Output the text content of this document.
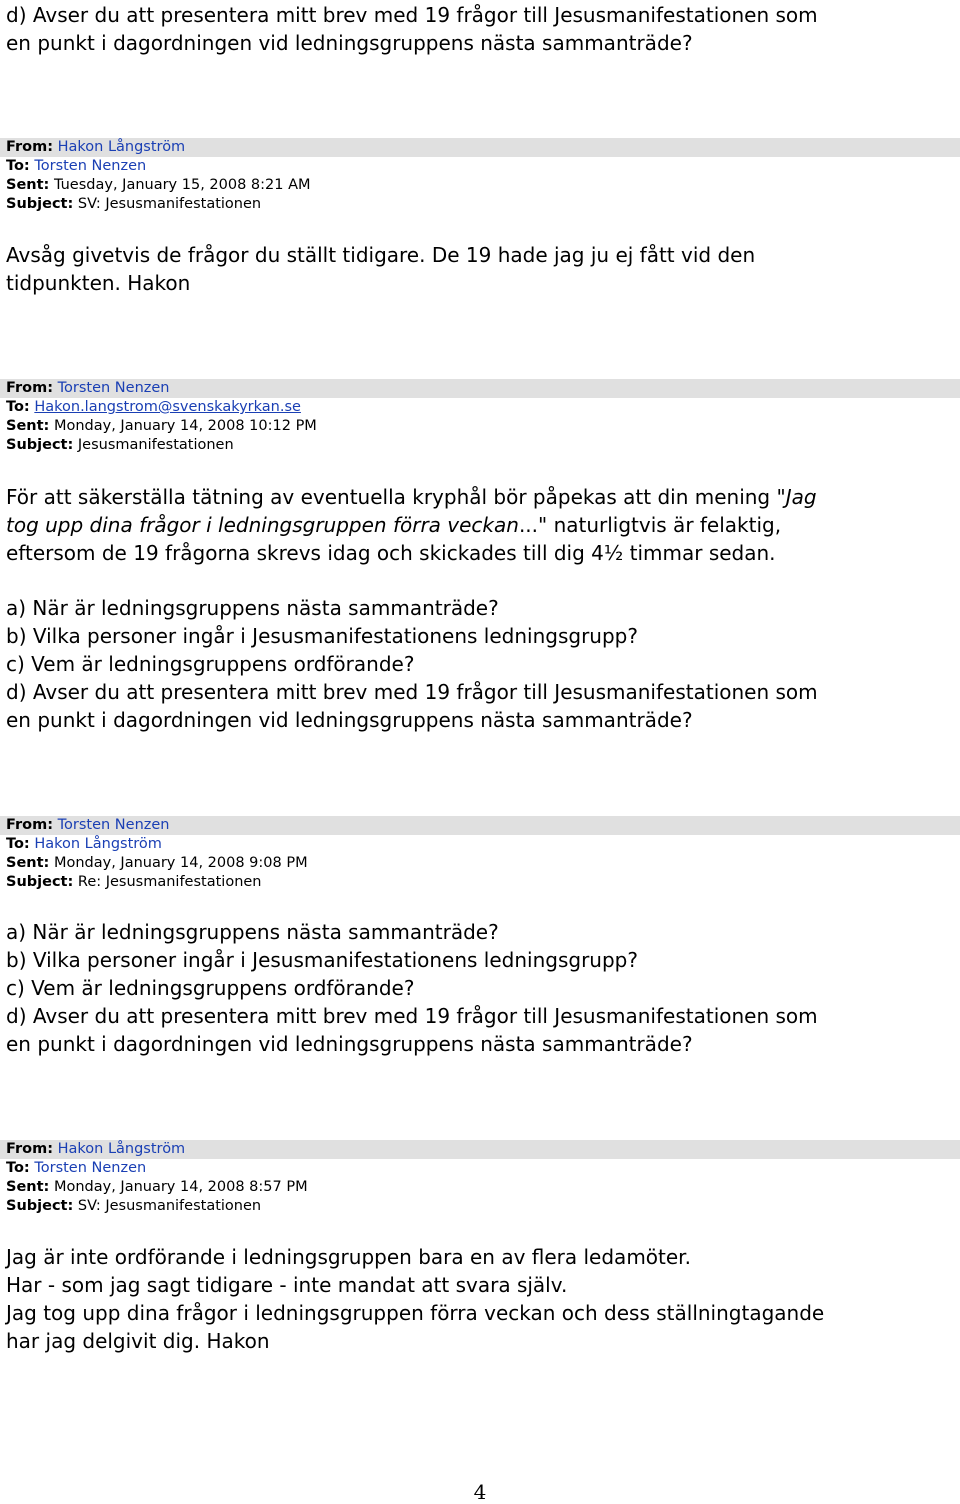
d) Avser du att presentera mitt brev med 19 frågor till Jesusmanifestationen som

en punkt i dagordningen vid ledningsgruppens nästa sammanträde?

From: Hakon Långström
To: Torsten Nenzen
Sent: Tuesday, January 15, 2008 8:21 AM
Subject: SV: Jesusmanifestationen

Avsåg givetvis de frågor du ställt tidigare. De 19 hade jag ju ej fått vid den

tidpunkten. Hakon

From: Torsten Nenzen
To: Hakon.langstrom@svenskakyrkan.se
Sent: Monday, January 14, 2008 10:12 PM
Subject: Jesusmanifestationen

För att säkerställa tätning av eventuella kryphål bör påpekas att din mening "Jag

tog upp dina frågor i ledningsgruppen förra veckan..." naturligtvis är felaktig,

eftersom de 19 frågorna skrevs idag och skickades till dig 4½ timmar sedan.

a) När är ledningsgruppens nästa sammanträde?

b) Vilka personer ingår i Jesusmanifestationens ledningsgrupp?

c) Vem är ledningsgruppens ordförande?

d) Avser du att presentera mitt brev med 19 frågor till Jesusmanifestationen som

en punkt i dagordningen vid ledningsgruppens nästa sammanträde?

From: Torsten Nenzen
To: Hakon Långström
Sent: Monday, January 14, 2008 9:08 PM
Subject: Re: Jesusmanifestationen

a) När är ledningsgruppens nästa sammanträde?

b) Vilka personer ingår i Jesusmanifestationens ledningsgrupp?

c) Vem är ledningsgruppens ordförande?

d) Avser du att presentera mitt brev med 19 frågor till Jesusmanifestationen som

en punkt i dagordningen vid ledningsgruppens nästa sammanträde?

From: Hakon Långström
To: Torsten Nenzen
Sent: Monday, January 14, 2008 8:57 PM
Subject: SV: Jesusmanifestationen

Jag är inte ordförande i ledningsgruppen bara en av flera ledamöter.

Har - som jag sagt tidigare - inte mandat att svara själv.

Jag tog upp dina frågor i ledningsgruppen förra veckan och dess ställningtagande

har jag delgivit dig. Hakon

4
